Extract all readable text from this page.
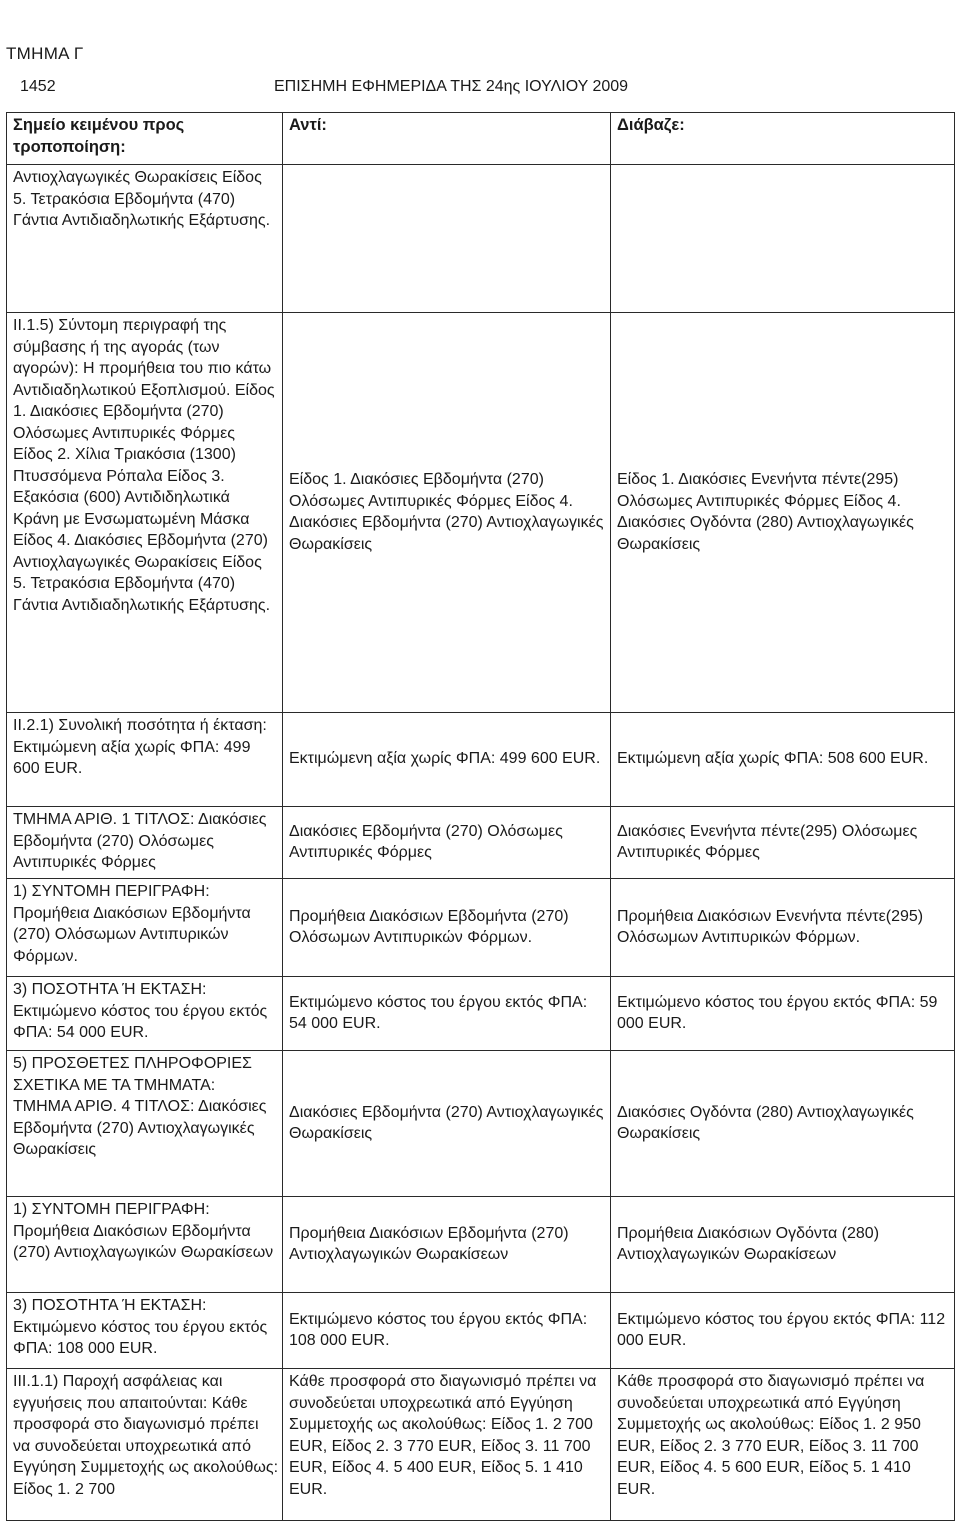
ΤΜΗΜΑ Γ
1452	ΕΠΙΣΗΜΗ ΕΦΗΜΕΡΙΔΑ ΤΗΣ 24ης ΙΟΥΛΙΟΥ 2009
Σημείο κειμένου προς τροποποίηση:	Αντί:	Διάβαζε:
Αντιοχλαγωγικές Θωρακίσεις Είδος 5. Τετρακόσια Εβδομήντα (470) Γάντια Αντιδιαδηλωτικής Εξάρτυσης.		
ΙΙ.1.5) Σύντομη περιγραφή της σύμβασης ή της αγοράς (των αγορών): Η προμήθεια του πιο κάτω Αντιδιαδηλωτικού Εξοπλισμού. Είδος 1. Διακόσιες Εβδομήντα (270) Ολόσωμες Αντιπυρικές Φόρμες Είδος 2. Χίλια Τριακόσια (1300) Πτυσσόμενα Ρόπαλα Είδος 3. Εξακόσια (600) Αντιδιδηλωτικά Κράνη με Ενσωματωμένη Μάσκα Είδος 4. Διακόσιες Εβδομήντα (270) Αντιοχλαγωγικές Θωρακίσεις Είδος 5. Τετρακόσια Εβδομήντα (470) Γάντια Αντιδιαδηλωτικής Εξάρτυσης.	Είδος 1. Διακόσιες Εβδομήντα (270) Ολόσωμες Αντιπυρικές Φόρμες Είδος 4. Διακόσιες Εβδομήντα (270) Αντιοχλαγωγικές Θωρακίσεις	Είδος 1. Διακόσιες Ενενήντα πέντε(295) Ολόσωμες Αντιπυρικές Φόρμες Είδος 4. Διακόσιες Ογδόντα (280) Αντιοχλαγωγικές Θωρακίσεις
ΙΙ.2.1) Συνολική ποσότητα ή έκταση: Εκτιμώμενη αξία χωρίς ΦΠΑ: 499 600 EUR.	Εκτιμώμενη αξία χωρίς ΦΠΑ: 499 600 EUR.	Εκτιμώμενη αξία χωρίς ΦΠΑ: 508 600 EUR.
ΤΜΗΜΑ ΑΡΙΘ. 1 ΤΙΤΛΟΣ: Διακόσιες Εβδομήντα (270) Ολόσωμες Αντιπυρικές Φόρμες	Διακόσιες Εβδομήντα (270) Ολόσωμες Αντιπυρικές Φόρμες	Διακόσιες Ενενήντα πέντε(295) Ολόσωμες Αντιπυρικές Φόρμες
1) ΣΥΝΤΟΜΗ ΠΕΡΙΓΡΑΦΗ: Προμήθεια Διακόσιων Εβδομήντα (270) Ολόσωμων Αντιπυρικών Φόρμων.	Προμήθεια Διακόσιων Εβδομήντα (270) Ολόσωμων Αντιπυρικών Φόρμων.	Προμήθεια Διακόσιων Ενενήντα πέντε(295) Ολόσωμων Αντιπυρικών Φόρμων.
3) ΠΟΣΟΤΗΤΑ Ή ΕΚΤΑΣΗ: Εκτιμώμενο κόστος του έργου εκτός ΦΠΑ: 54 000 EUR.	Εκτιμώμενο κόστος του έργου εκτός ΦΠΑ: 54 000 EUR.	Εκτιμώμενο κόστος του έργου εκτός ΦΠΑ: 59 000 EUR.
5) ΠΡΟΣΘΕΤΕΣ ΠΛΗΡΟΦΟΡΙΕΣ ΣΧΕΤΙΚΑ ΜΕ ΤΑ ΤΜΗΜΑΤΑ: ΤΜΗΜΑ ΑΡΙΘ. 4 ΤΙΤΛΟΣ: Διακόσιες Εβδομήντα (270) Αντιοχλαγωγικές Θωρακίσεις	Διακόσιες Εβδομήντα (270) Αντιοχλαγωγικές Θωρακίσεις	Διακόσιες Ογδόντα (280) Αντιοχλαγωγικές Θωρακίσεις
1) ΣΥΝΤΟΜΗ ΠΕΡΙΓΡΑΦΗ: Προμήθεια Διακόσιων Εβδομήντα (270) Αντιοχλαγωγικών Θωρακίσεων	Προμήθεια Διακόσιων Εβδομήντα (270) Αντιοχλαγωγικών Θωρακίσεων	Προμήθεια Διακόσιων Ογδόντα (280) Αντιοχλαγωγικών Θωρακίσεων
3) ΠΟΣΟΤΗΤΑ Ή ΕΚΤΑΣΗ: Εκτιμώμενο κόστος του έργου εκτός ΦΠΑ: 108 000 EUR.	Εκτιμώμενο κόστος του έργου εκτός ΦΠΑ: 108 000 EUR.	Εκτιμώμενο κόστος του έργου εκτός ΦΠΑ: 112 000 EUR.
ΙΙΙ.1.1) Παροχή ασφάλειας και εγγυήσεις που απαιτούνται: Κάθε προσφορά στο διαγωνισμό πρέπει να συνοδεύεται υποχρεωτικά από Εγγύηση Συμμετοχής ως ακολούθως: Είδος 1. 2 700	Κάθε προσφορά στο διαγωνισμό πρέπει να συνοδεύεται υποχρεωτικά από Εγγύηση Συμμετοχής ως ακολούθως: Είδος 1. 2 700 EUR, Είδος 2. 3 770 EUR, Είδος 3. 11 700 EUR, Είδος 4. 5 400 EUR, Είδος 5. 1 410 EUR.	Κάθε προσφορά στο διαγωνισμό πρέπει να συνοδεύεται υποχρεωτικά από Εγγύηση Συμμετοχής ως ακολούθως: Είδος 1. 2 950 EUR, Είδος 2. 3 770 EUR, Είδος 3. 11 700 EUR, Είδος 4. 5 600 EUR, Είδος 5. 1 410 EUR.
